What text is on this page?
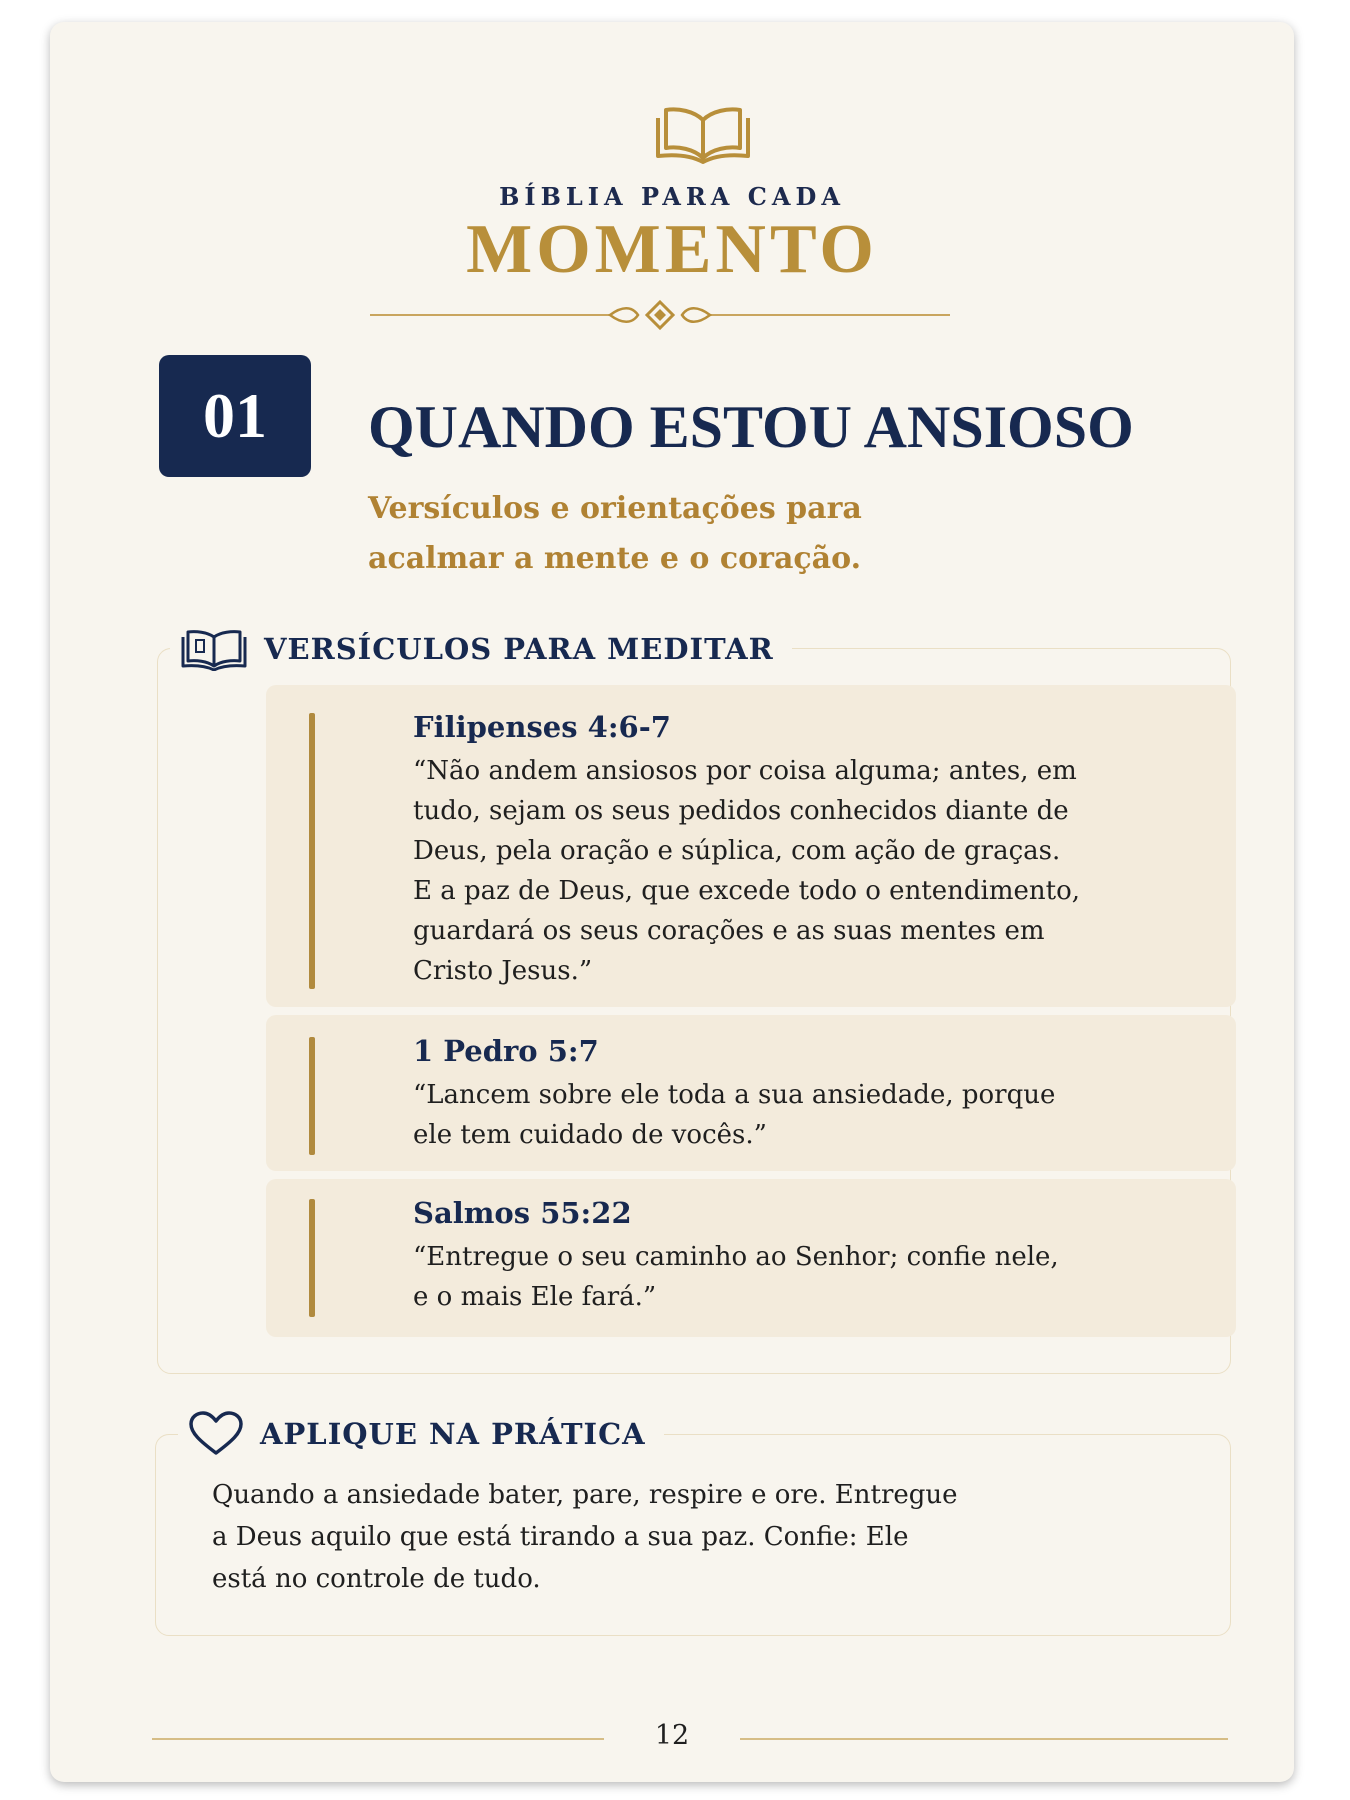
BÍBLIA PARA CADA
MOMENTO
01	QUANDO ESTOU ANSIOSO
Versículos e orientações para
acalmar a mente e o coração.
Filipenses 4:6-7
“Não andem ansiosos por coisa alguma; antes, em
tudo, sejam os seus pedidos conhecidos diante de
Deus, pela oração e súplica, com ação de graças.
E a paz de Deus, que excede todo o entendimento,
guardará os seus corações e as suas mentes em
Cristo Jesus.”
1 Pedro 5:7
“Lancem sobre ele toda a sua ansiedade, porque
ele tem cuidado de vocês.”
Salmos 55:22
“Entregue o seu caminho ao Senhor; confie nele,
e o mais Ele fará.”
VERSÍCULOS PARA MEDITAR
APLIQUE NA PRÁTICA
Quando a ansiedade bater, pare, respire e ore. Entregue
a Deus aquilo que está tirando a sua paz. Confie: Ele
está no controle de tudo.
12
